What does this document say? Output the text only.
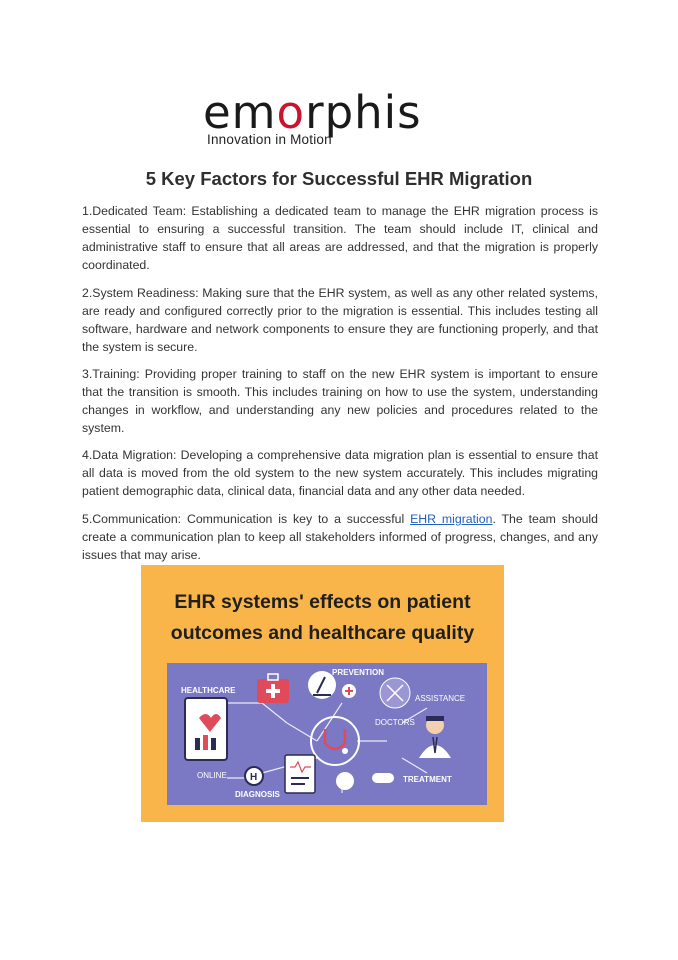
emorphis
Innovation in Motion
5 Key Factors for Successful EHR Migration

1.Dedicated Team: Establishing a dedicated team to manage the EHR migration process is essential to ensuring a successful transition. The team should include IT, clinical and administrative staff to ensure that all areas are addressed, and that the migration is properly coordinated.

2.System Readiness: Making sure that the EHR system, as well as any other related systems, are ready and configured correctly prior to the migration is essential. This includes testing all software, hardware and network components to ensure they are functioning properly, and that the system is secure.

3.Training: Providing proper training to staff on the new EHR system is important to ensure that the transition is smooth. This includes training on how to use the system, understanding changes in workflow, and understanding any new policies and procedures related to the system.

4.Data Migration: Developing a comprehensive data migration plan is essential to ensure that all data is moved from the old system to the new system accurately. This includes migrating patient demographic data, clinical data, financial data and any other data needed.

5.Communication: Communication is key to a successful EHR migration. The team should create a communication plan to keep all stakeholders informed of progress, changes, and any issues that may arise.

EHR systems' effects on patient
outcomes and healthcare quality
HEALTHCARE
ONLINE
PREVENTION
ASSISTANCE
DOCTORS
H
DIAGNOSIS
TREATMENT
